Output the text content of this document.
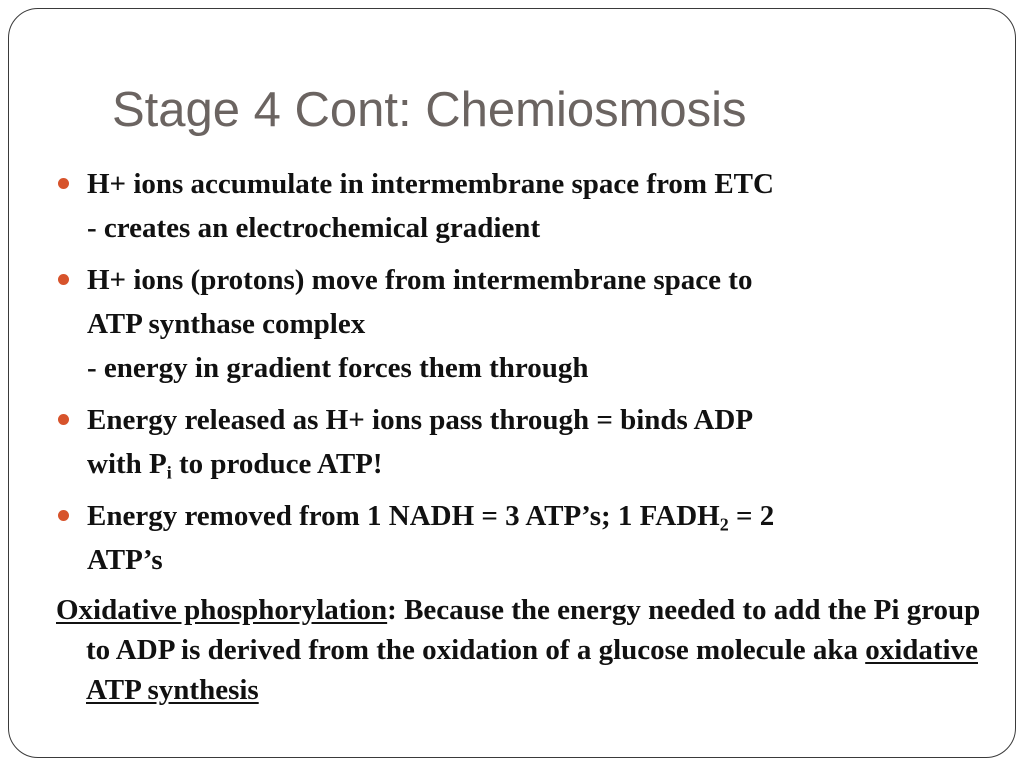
Stage 4 Cont: Chemiosmosis
H+ ions accumulate in intermembrane space from ETC
- creates an electrochemical gradient
H+ ions (protons) move from intermembrane space to
ATP synthase complex
- energy in gradient forces them through
Energy released as H+ ions pass through = binds ADP
with $P_i$ to produce ATP!
Energy removed from 1 NADH = 3 ATP’s; 1 $FADH_2 = 2$
ATP’s
Oxidative phosphorylation: Because the energy needed to add the Pi group to ADP is derived from the oxidation of a glucose molecule aka oxidative ATP synthesis
